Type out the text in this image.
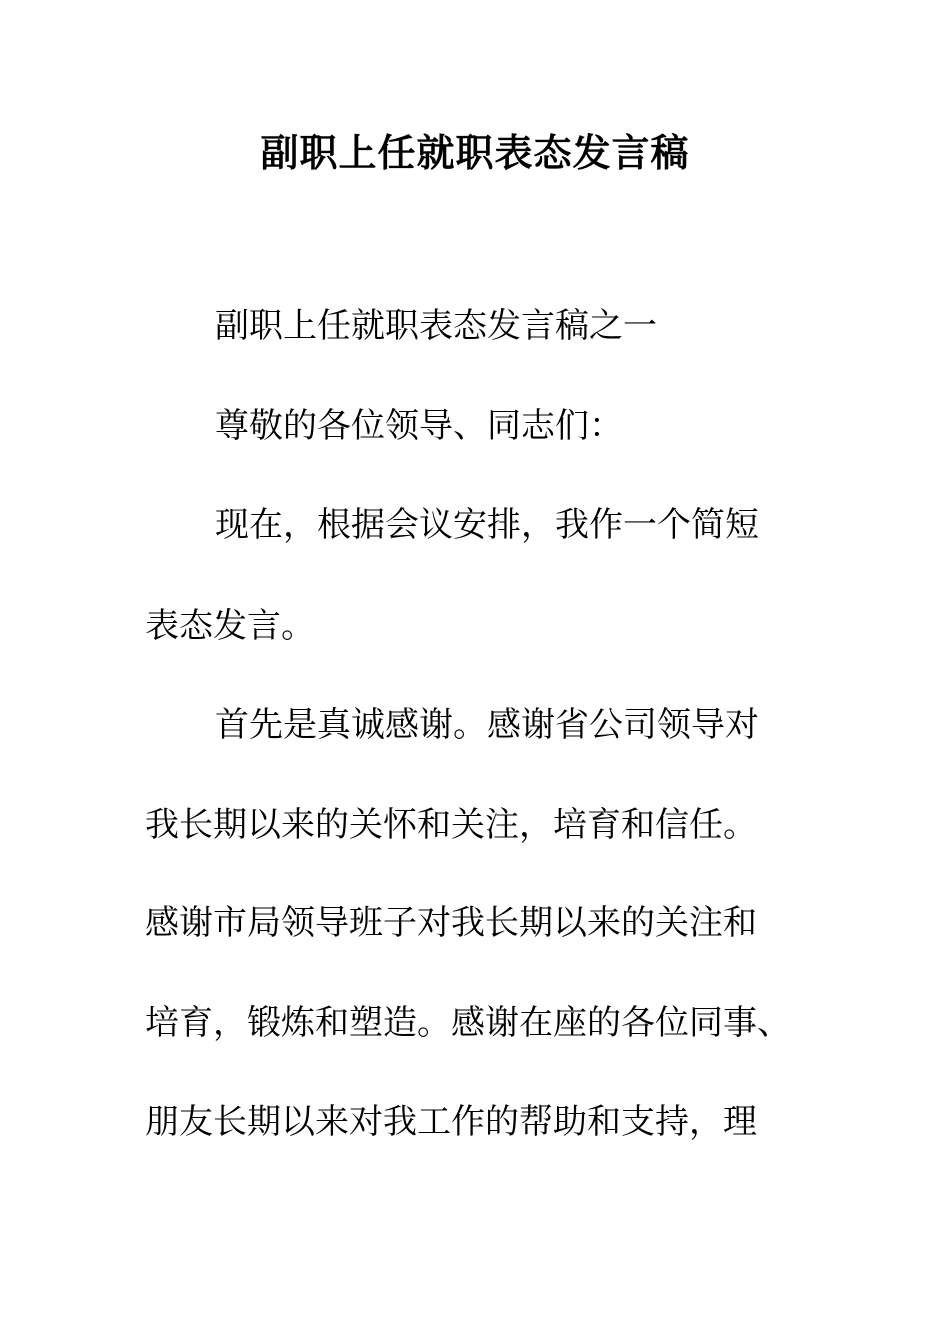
副职上任就职表态发言稿

副职上任就职表态发言稿之一

尊敬的各位领导、同志们：

现在，根据会议安排，我作一个简短

表态发言。

首先是真诚感谢。感谢省公司领导对

我长期以来的关怀和关注，培育和信任。

感谢市局领导班子对我长期以来的关注和

培育，锻炼和塑造。感谢在座的各位同事、

朋友长期以来对我工作的帮助和支持，理
